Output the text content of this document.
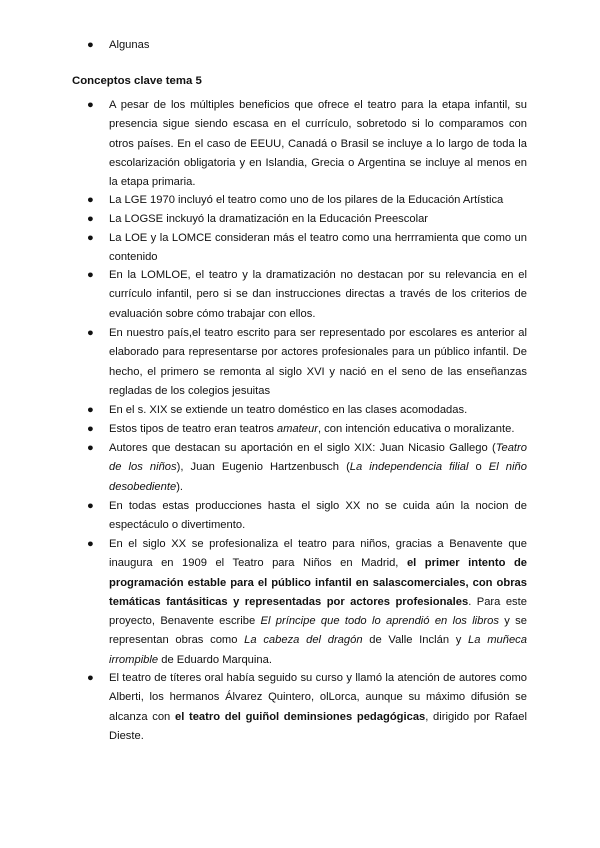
●	Algunas
Conceptos clave tema 5
●	A pesar de los múltiples beneficios que ofrece el teatro para la etapa infantil, su presencia sigue siendo escasa en el currículo, sobretodo si lo comparamos con otros países. En el caso de EEUU, Canadá o Brasil se incluye a lo largo de toda la escolarización obligatoria y en Islandia, Grecia o Argentina se incluye al menos en la etapa primaria.
●	La LGE 1970 incluyó el teatro como uno de los pilares de la Educación Artística
●	La LOGSE inckuyó la dramatización en la Educación Preescolar
●	La LOE y la LOMCE consideran más el teatro como una herrramienta que como un contenido
●	En la LOMLOE, el teatro y la dramatización no destacan por su relevancia en el currículo infantil, pero si se dan instrucciones directas a través de los criterios de evaluación sobre cómo trabajar con ellos.
●	En nuestro país,el teatro escrito para ser representado por escolares es anterior al elaborado para representarse por actores profesionales para un público infantil. De hecho, el primero se remonta al siglo XVI y nació en el seno de las enseñanzas regladas de los colegios jesuitas
●	En el s. XIX se extiende un teatro doméstico en las clases acomodadas.
●	Estos tipos de teatro eran teatros amateur, con intención educativa o moralizante.
●	Autores que destacan su aportación en el siglo XIX: Juan Nicasio Gallego (Teatro de los niños), Juan Eugenio Hartzenbusch (La independencia filial o El niño desobediente).
●	En todas estas producciones hasta el siglo XX no se cuida aún la nocion de espectáculo o divertimento.
●	En el siglo XX se profesionaliza el teatro para niños, gracias a Benavente que inaugura en 1909 el Teatro para Niños en Madrid, el primer intento de programación estable para el público infantil en salascomerciales, con obras temáticas fantásiticas y representadas por actores profesionales. Para este proyecto, Benavente escribe El príncipe que todo lo aprendió en los libros y se representan obras como La cabeza del dragón de Valle Inclán y La muñeca irrompible de Eduardo Marquina.
●	El teatro de títeres oral había seguido su curso y llamó la atención de autores como Alberti, los hermanos Álvarez Quintero, olLorca, aunque su máximo difusión se alcanza con el teatro del guiñol deminsiones pedagógicas, dirigido por Rafael Dieste.
